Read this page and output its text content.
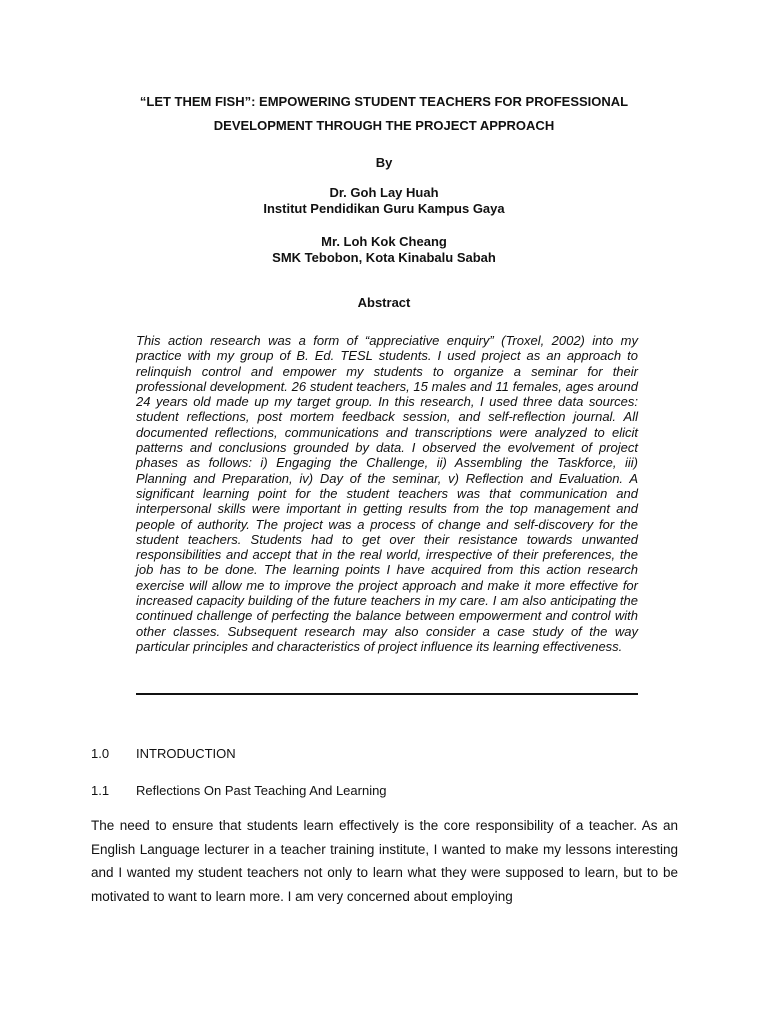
“LET THEM FISH”: EMPOWERING STUDENT TEACHERS FOR PROFESSIONAL
DEVELOPMENT THROUGH THE PROJECT APPROACH
By
Dr. Goh Lay Huah
Institut Pendidikan Guru Kampus Gaya
Mr. Loh Kok Cheang
SMK Tebobon, Kota Kinabalu Sabah
Abstract

This action research was a form of “appreciative enquiry” (Troxel, 2002) into my practice with my group of B. Ed. TESL students. I used project as an approach to relinquish control and empower my students to organize a seminar for their professional development. 26 student teachers, 15 males and 11 females, ages around 24 years old made up my target group. In this research, I used three data sources: student reflections, post mortem feedback session, and self-reflection journal. All documented reflections, communications and transcriptions were analyzed to elicit patterns and conclusions grounded by data. I observed the evolvement of project phases as follows: i) Engaging the Challenge, ii) Assembling the Taskforce, iii) Planning and Preparation, iv) Day of the seminar, v) Reflection and Evaluation. A significant learning point for the student teachers was that communication and interpersonal skills were important in getting results from the top management and people of authority. The project was a process of change and self-discovery for the student teachers. Students had to get over their resistance towards unwanted responsibilities and accept that in the real world, irrespective of their preferences, the job has to be done. The learning points I have acquired from this action research exercise will allow me to improve the project approach and make it more effective for increased capacity building of the future teachers in my care. I am also anticipating the continued challenge of perfecting the balance between empowerment and control with other classes. Subsequent research may also consider a case study of the way particular principles and characteristics of project influence its learning effectiveness.

1.0 INTRODUCTION
1.1 Reflections On Past Teaching And Learning

The need to ensure that students learn effectively is the core responsibility of a teacher. As an English Language lecturer in a teacher training institute, I wanted to make my lessons interesting and I wanted my student teachers not only to learn what they were supposed to learn, but to be motivated to want to learn more. I am very concerned about employing
